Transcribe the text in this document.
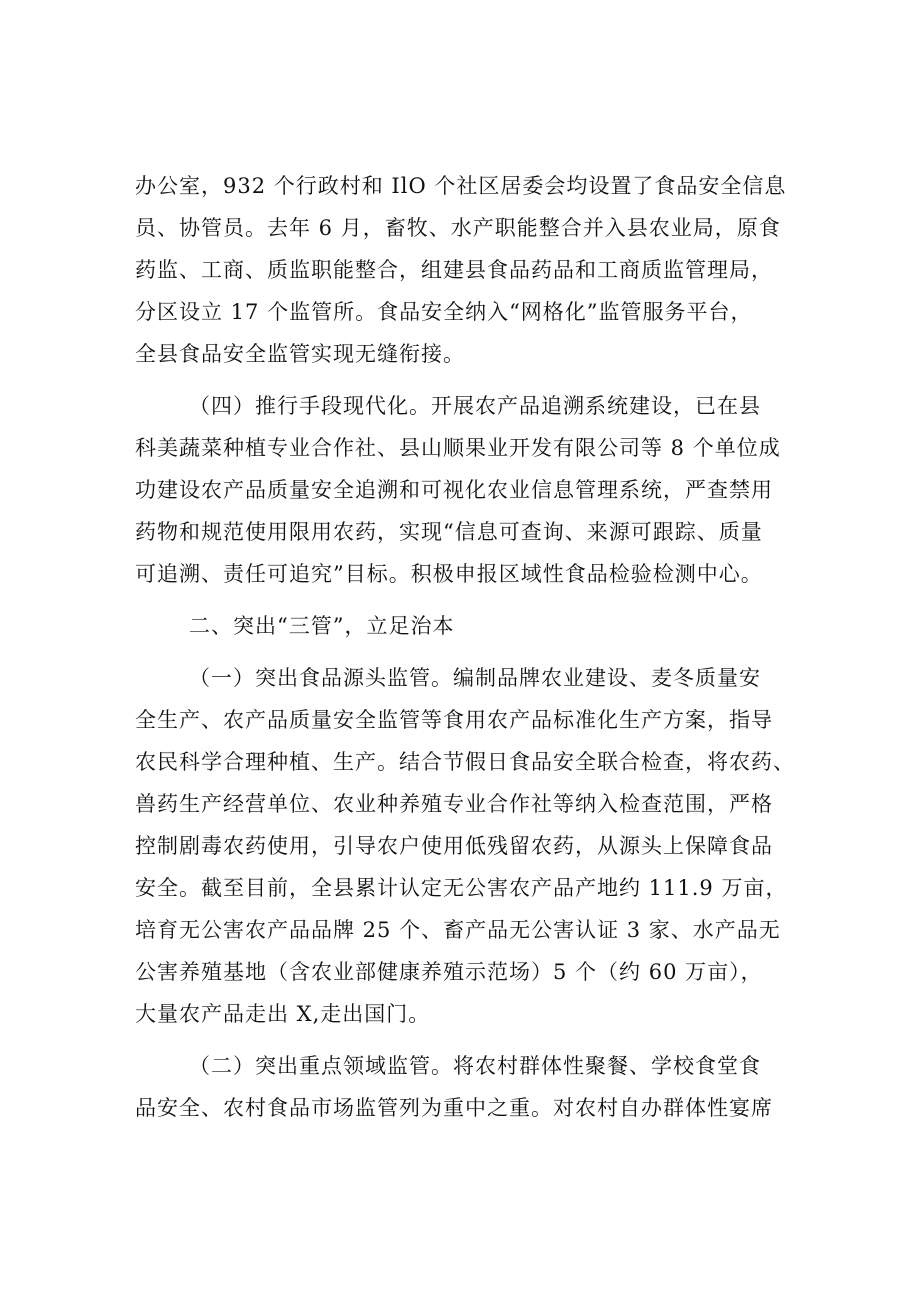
办公室，932 个行政村和 IlO 个社区居委会均设置了食品安全信息
员、协管员。去年 6 月，畜牧、水产职能整合并入县农业局，原食
药监、工商、质监职能整合，组建县食品药品和工商质监管理局，
分区设立 17 个监管所。食品安全纳入“网格化”监管服务平台，
全县食品安全监管实现无缝衔接。
（四）推行手段现代化。开展农产品追溯系统建设，已在县
科美蔬菜种植专业合作社、县山顺果业开发有限公司等 8 个单位成
功建设农产品质量安全追溯和可视化农业信息管理系统，严查禁用
药物和规范使用限用农药，实现“信息可查询、来源可跟踪、质量
可追溯、责任可追究”目标。积极申报区域性食品检验检测中心。
二、突出“三管”，立足治本
（一）突出食品源头监管。编制品牌农业建设、麦冬质量安
全生产、农产品质量安全监管等食用农产品标准化生产方案，指导
农民科学合理种植、生产。结合节假日食品安全联合检查，将农药、
兽药生产经营单位、农业种养殖专业合作社等纳入检查范围，严格
控制剧毒农药使用，引导农户使用低残留农药，从源头上保障食品
安全。截至目前，全县累计认定无公害农产品产地约 111.9 万亩，
培育无公害农产品品牌 25 个、畜产品无公害认证 3 家、水产品无
公害养殖基地（含农业部健康养殖示范场）5 个（约 60 万亩），
大量农产品走出 X,走出国门。
（二）突出重点领域监管。将农村群体性聚餐、学校食堂食
品安全、农村食品市场监管列为重中之重。对农村自办群体性宴席
